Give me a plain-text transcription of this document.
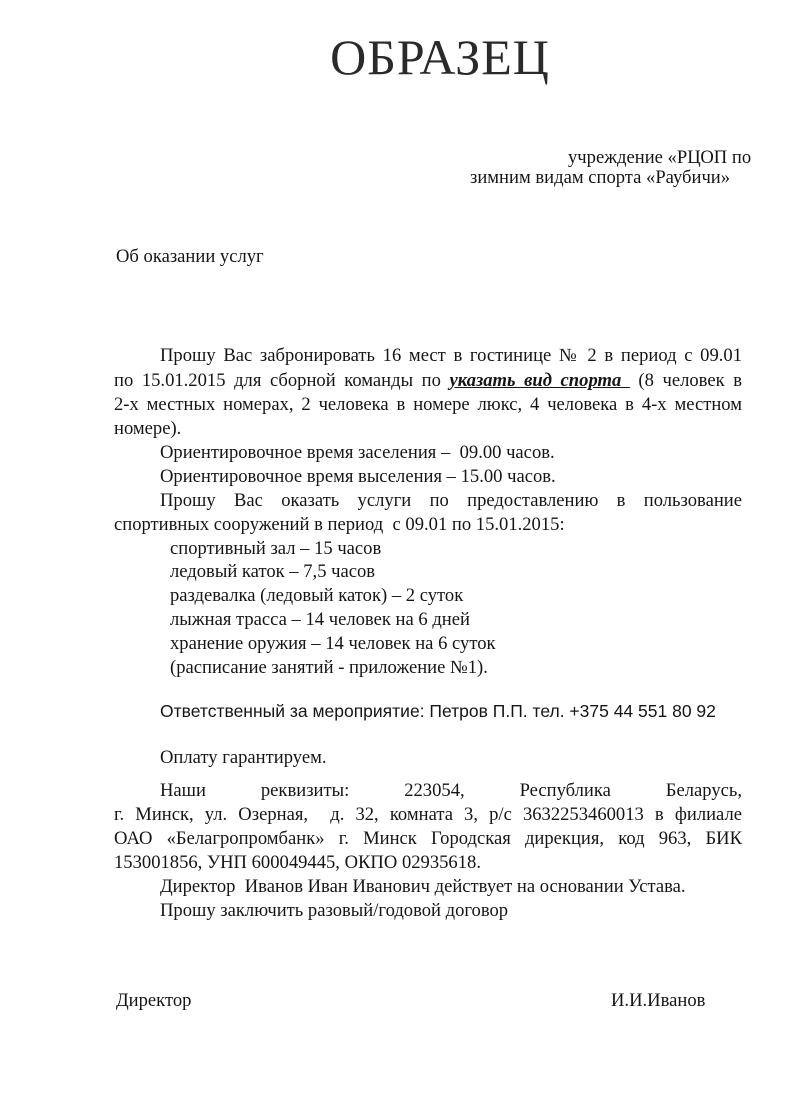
ОБРАЗЕЦ
учреждение «РЦОП по
зимним видам спорта «Раубичи»
Об оказании услуг
Прошу Вас забронировать 16 мест в гостинице № 2 в период с 09.01
по 15.01.2015 для сборной команды по указать вид спорта  (8 человек в
2-х местных номерах, 2 человека в номере люкс, 4 человека в 4-х местном
номере).
Ориентировочное время заселения –  09.00 часов.
Ориентировочное время выселения – 15.00 часов.
Прошу Вас оказать услуги по предоставлению в пользование
спортивных сооружений в период  с 09.01 по 15.01.2015:
спортивный зал – 15 часов
ледовый каток – 7,5 часов
раздевалка (ледовый каток) – 2 суток
лыжная трасса – 14 человек на 6 дней
хранение оружия – 14 человек на 6 суток
(расписание занятий - приложение №1).
Ответственный за мероприятие: Петров П.П. тел. +375 44 551 80 92
Оплату гарантируем.
Наши реквизиты: 223054, Республика Беларусь,
г. Минск, ул. Озерная,  д. 32, комната 3, р/с 3632253460013 в филиале
ОАО «Белагропромбанк» г. Минск Городская дирекция, код 963, БИК
153001856, УНП 600049445, ОКПО 02935618.
Директор  Иванов Иван Иванович действует на основании Устава.
Прошу заключить разовый/годовой договор
Директор	И.И.Иванов
